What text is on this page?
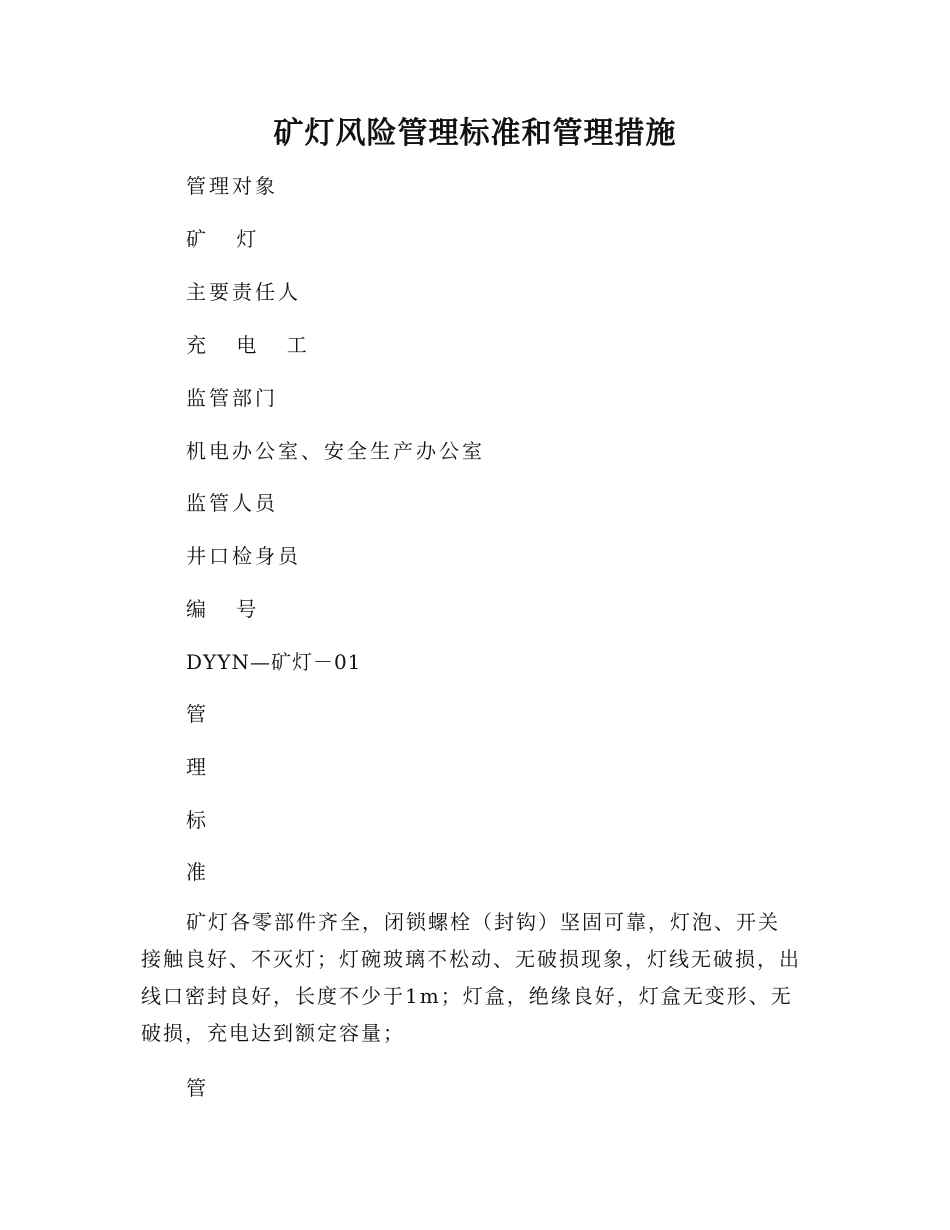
矿灯风险管理标准和管理措施

管理对象

矿 灯

主要责任人

充 电 工

监管部门

机电办公室、安全生产办公室

监管人员

井口检身员

编 号

DYYN—矿灯－01

管

理

标

准

矿灯各零部件齐全，闭锁螺栓（封钩）坚固可靠，灯泡、开关接触良好、不灭灯；灯碗玻璃不松动、无破损现象，灯线无破损，出线口密封良好，长度不少于1m；灯盒，绝缘良好，灯盒无变形、无破损，充电达到额定容量；

管
